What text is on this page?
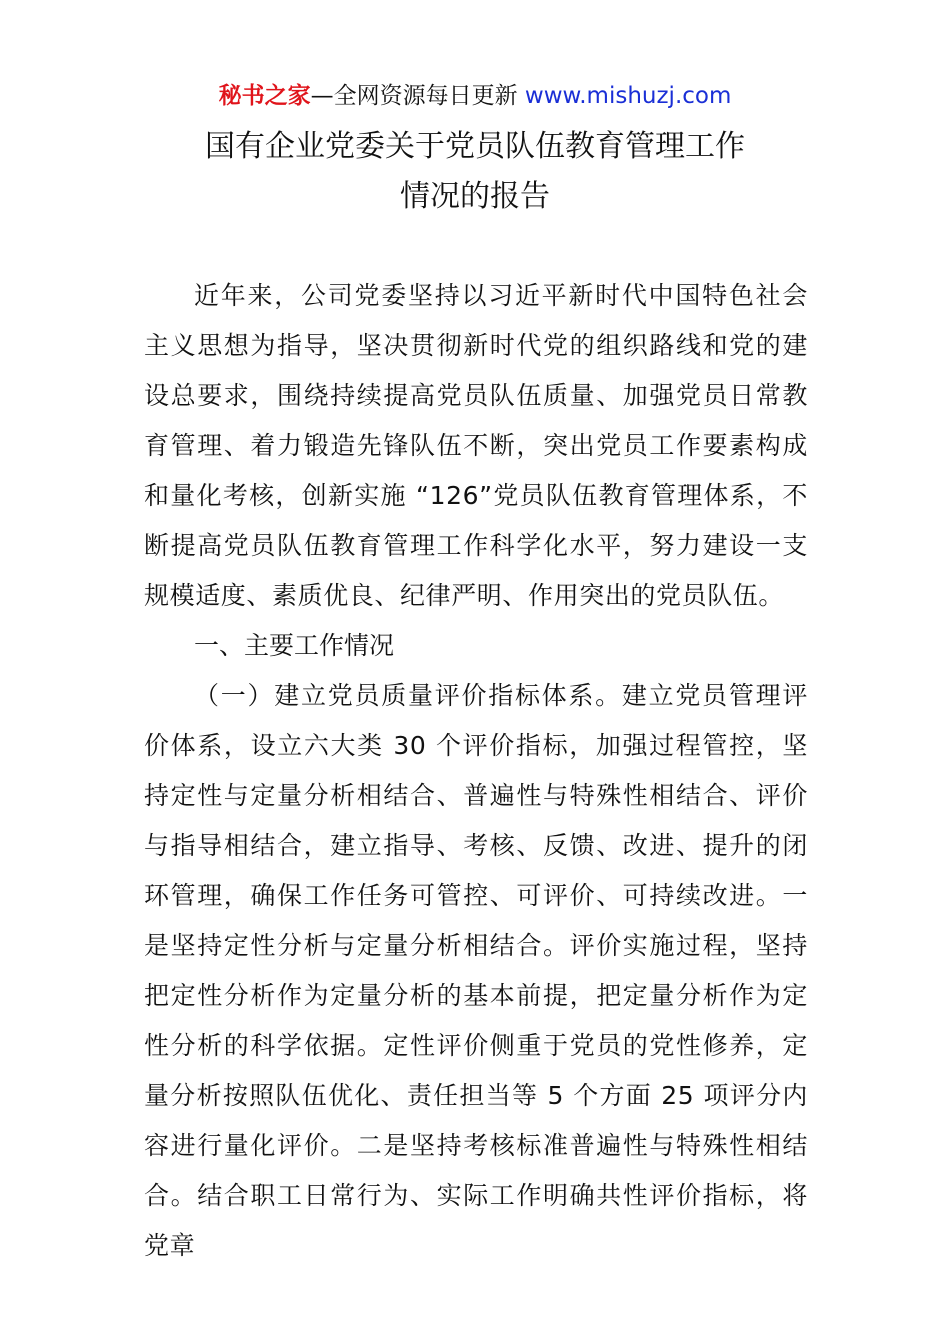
秘书之家—全网资源每日更新 www.mishuzj.com
国有企业党委关于党员队伍教育管理工作
情况的报告

近年来，公司党委坚持以习近平新时代中国特色社会主义思想为指导，坚决贯彻新时代党的组织路线和党的建设总要求，围绕持续提高党员队伍质量、加强党员日常教育管理、着力锻造先锋队伍不断，突出党员工作要素构成和量化考核，创新实施 “126”党员队伍教育管理体系，不断提高党员队伍教育管理工作科学化水平，努力建设一支规模适度、素质优良、纪律严明、作用突出的党员队伍。

一、主要工作情况

（一）建立党员质量评价指标体系。建立党员管理评价体系，设立六大类 30 个评价指标，加强过程管控，坚持定性与定量分析相结合、普遍性与特殊性相结合、评价与指导相结合，建立指导、考核、反馈、改进、提升的闭环管理，确保工作任务可管控、可评价、可持续改进。一是坚持定性分析与定量分析相结合。评价实施过程，坚持把定性分析作为定量分析的基本前提，把定量分析作为定性分析的科学依据。定性评价侧重于党员的党性修养，定量分析按照队伍优化、责任担当等 5 个方面 25 项评分内容进行量化评价。二是坚持考核标准普遍性与特殊性相结合。结合职工日常行为、实际工作明确共性评价指标，将党章
